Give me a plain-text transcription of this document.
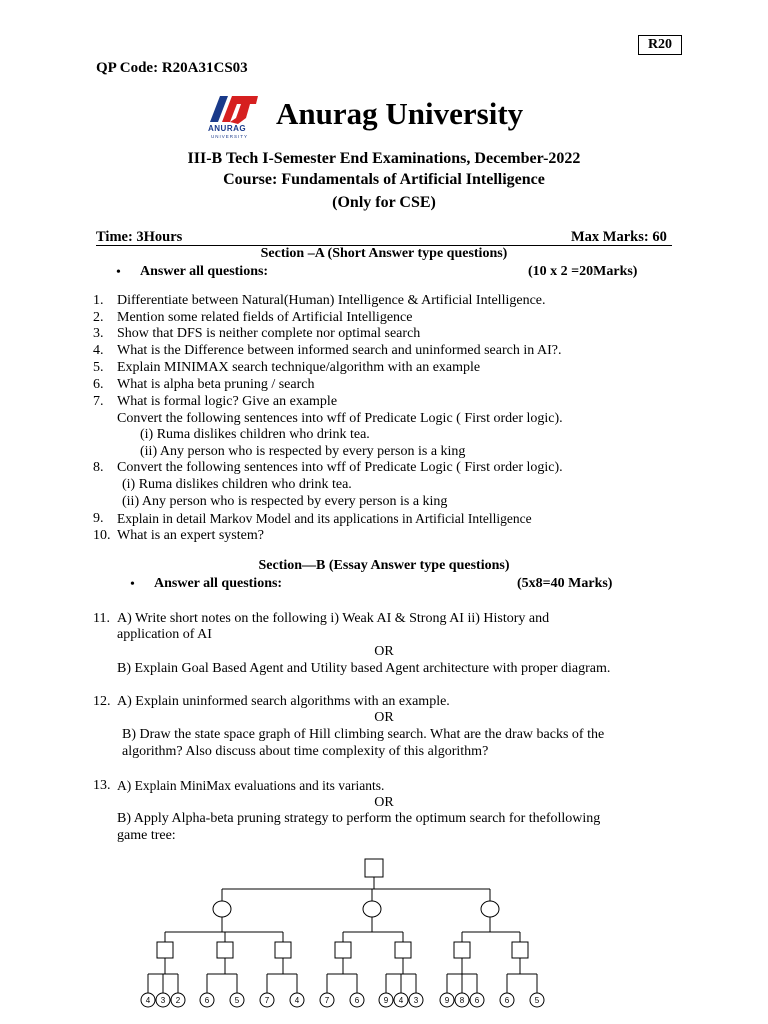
R20
QP Code: R20A31CS03
ANURAG
UNIVERSITY
Anurag University
III-B Tech I-Semester End Examinations, December-2022
Course: Fundamentals of Artificial Intelligence
(Only for CSE)
Time: 3Hours	Max Marks: 60
Section –A (Short Answer type questions)
• Answer all questions:	(10 x 2 =20Marks)
1. Differentiate between Natural(Human) Intelligence & Artificial Intelligence.
2. Mention some related fields of Artificial Intelligence
3. Show that DFS is neither complete nor optimal search
4. What is the Difference between informed search and uninformed search in AI?.
5. Explain MINIMAX search technique/algorithm with an example
6. What is alpha beta pruning / search
7. What is formal logic? Give an example
Convert the following sentences into wff of Predicate Logic ( First order logic).
(i) Ruma dislikes children who drink tea.
(ii) Any person who is respected by every person is a king
8. Convert the following sentences into wff of Predicate Logic ( First order logic).
(i) Ruma dislikes children who drink tea.
(ii) Any person who is respected by every person is a king
9. Explain in detail Markov Model and its applications in Artificial Intelligence
10. What is an expert system?
Section—B (Essay Answer type questions)
• Answer all questions:	(5x8=40 Marks)
11. A) Write short notes on the following i) Weak AI & Strong AI ii) History and
application of AI
OR
B) Explain Goal Based Agent and Utility based Agent architecture with proper diagram.
12. A) Explain uninformed search algorithms with an example.
OR
B) Draw the state space graph of Hill climbing search. What are the draw backs of the
algorithm? Also discuss about time complexity of this algorithm?
13. A) Explain MiniMax evaluations and its variants.
OR
B) Apply Alpha-beta pruning strategy to perform the optimum search for thefollowing
game tree:
4 3 2	6	5	7	4	7	6	9 4 3	9 8 6	6	5
